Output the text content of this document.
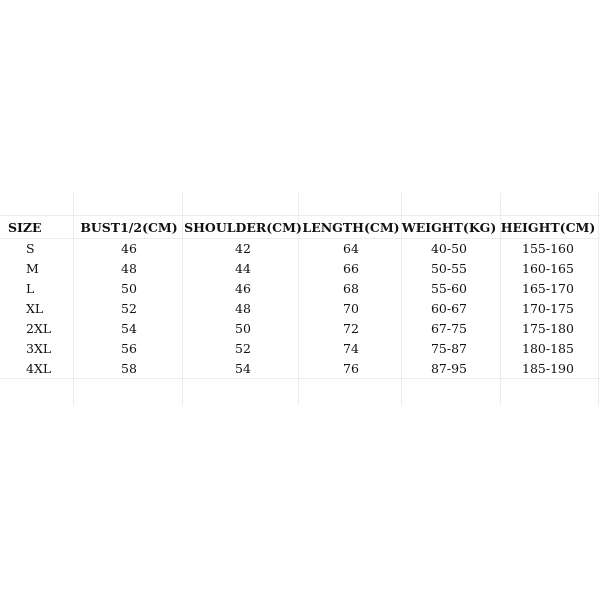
SIZE	BUST1/2(CM)	SHOULDER(CM)	LENGTH(CM)	WEIGHT(KG)	HEIGHT(CM)
S	46	42	64	40-50	155-160
M	48	44	66	50-55	160-165
L	50	46	68	55-60	165-170
XL	52	48	70	60-67	170-175
2XL	54	50	72	67-75	175-180
3XL	56	52	74	75-87	180-185
4XL	58	54	76	87-95	185-190
